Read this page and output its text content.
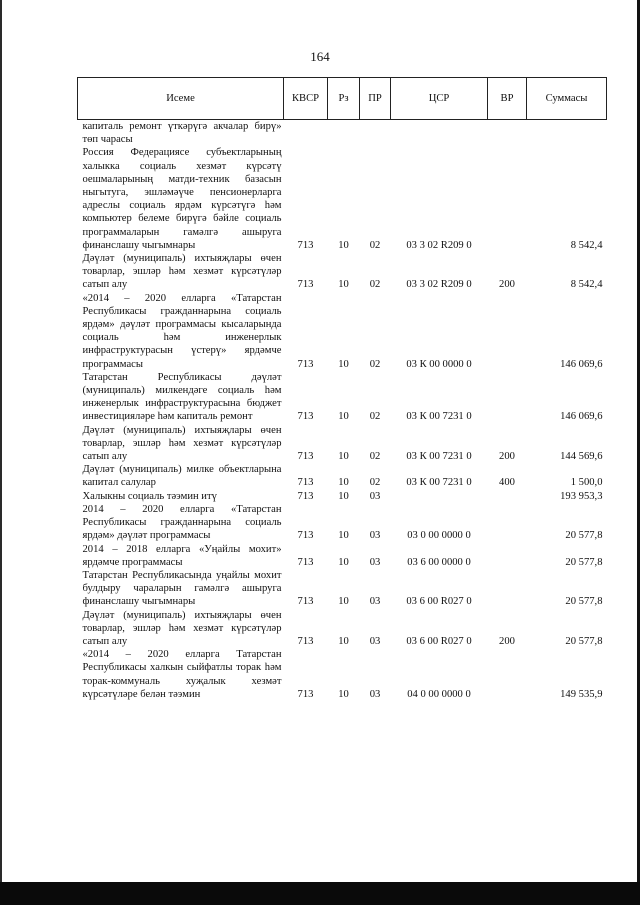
164
Исеме	КВСР	Рз	ПР	ЦСР	ВР	Суммасы
капиталь ремонт үткәрүгә акчалар бирү» төп чарасы						
Россия Федерациясе субъектларының халыкка социаль хезмәт күрсәтү оешмаларының матди-техник базасын ныгытуга, эшләмәүче пенсионерларга адреслы социаль ярдәм күрсәтүгә һәм компьютер белеме бирүгә бәйле социаль программаларын гамәлгә ашыруга финанслашу чыгымнары	713	10	02	03 3 02 R209 0		8 542,4
Дәүләт (муниципаль) ихтыяҗлары өчен товарлар, эшләр һәм хезмәт күрсәтүләр сатып алу	713	10	02	03 3 02 R209 0	200	8 542,4
«2014 – 2020 елларга «Татарстан Республикасы гражданнарына социаль ярдәм» дәүләт программасы кысаларында социаль һәм инженерлык инфраструктурасын үстерү» ярдәмче программасы	713	10	02	03 К 00 0000 0		146 069,6
Татарстан Республикасы дәүләт (муниципаль) милкендәге социаль һәм инженерлык инфраструктурасына бюджет инвестицияләре һәм капиталь ремонт	713	10	02	03 К 00 7231 0		146 069,6
Дәүләт (муниципаль) ихтыяҗлары өчен товарлар, эшләр һәм хезмәт күрсәтүләр сатып алу	713	10	02	03 К 00 7231 0	200	144 569,6
Дәүләт (муниципаль) милке объектларына капитал салулар	713	10	02	03 К 00 7231 0	400	1 500,0
Халыкны социаль тәэмин итү	713	10	03			193 953,3
2014 – 2020 елларга «Татарстан Республикасы гражданнарына социаль ярдәм» дәүләт программасы	713	10	03	03 0 00 0000 0		20 577,8
2014 – 2018 елларга «Уңайлы мохит» ярдәмче программасы	713	10	03	03 6 00 0000 0		20 577,8
Татарстан Республикасында уңайлы мохит булдыру чараларын гамәлгә ашыруга финанслашу чыгымнары	713	10	03	03 6 00 R027 0		20 577,8
Дәүләт (муниципаль) ихтыяҗлары өчен товарлар, эшләр һәм хезмәт күрсәтүләр сатып алу	713	10	03	03 6 00 R027 0	200	20 577,8
«2014 – 2020 елларга Татарстан Республикасы халкын сыйфатлы торак һәм торак-коммуналь хуҗалык хезмәт күрсәтүләре белән тәэмин	713	10	03	04 0 00 0000 0		149 535,9
